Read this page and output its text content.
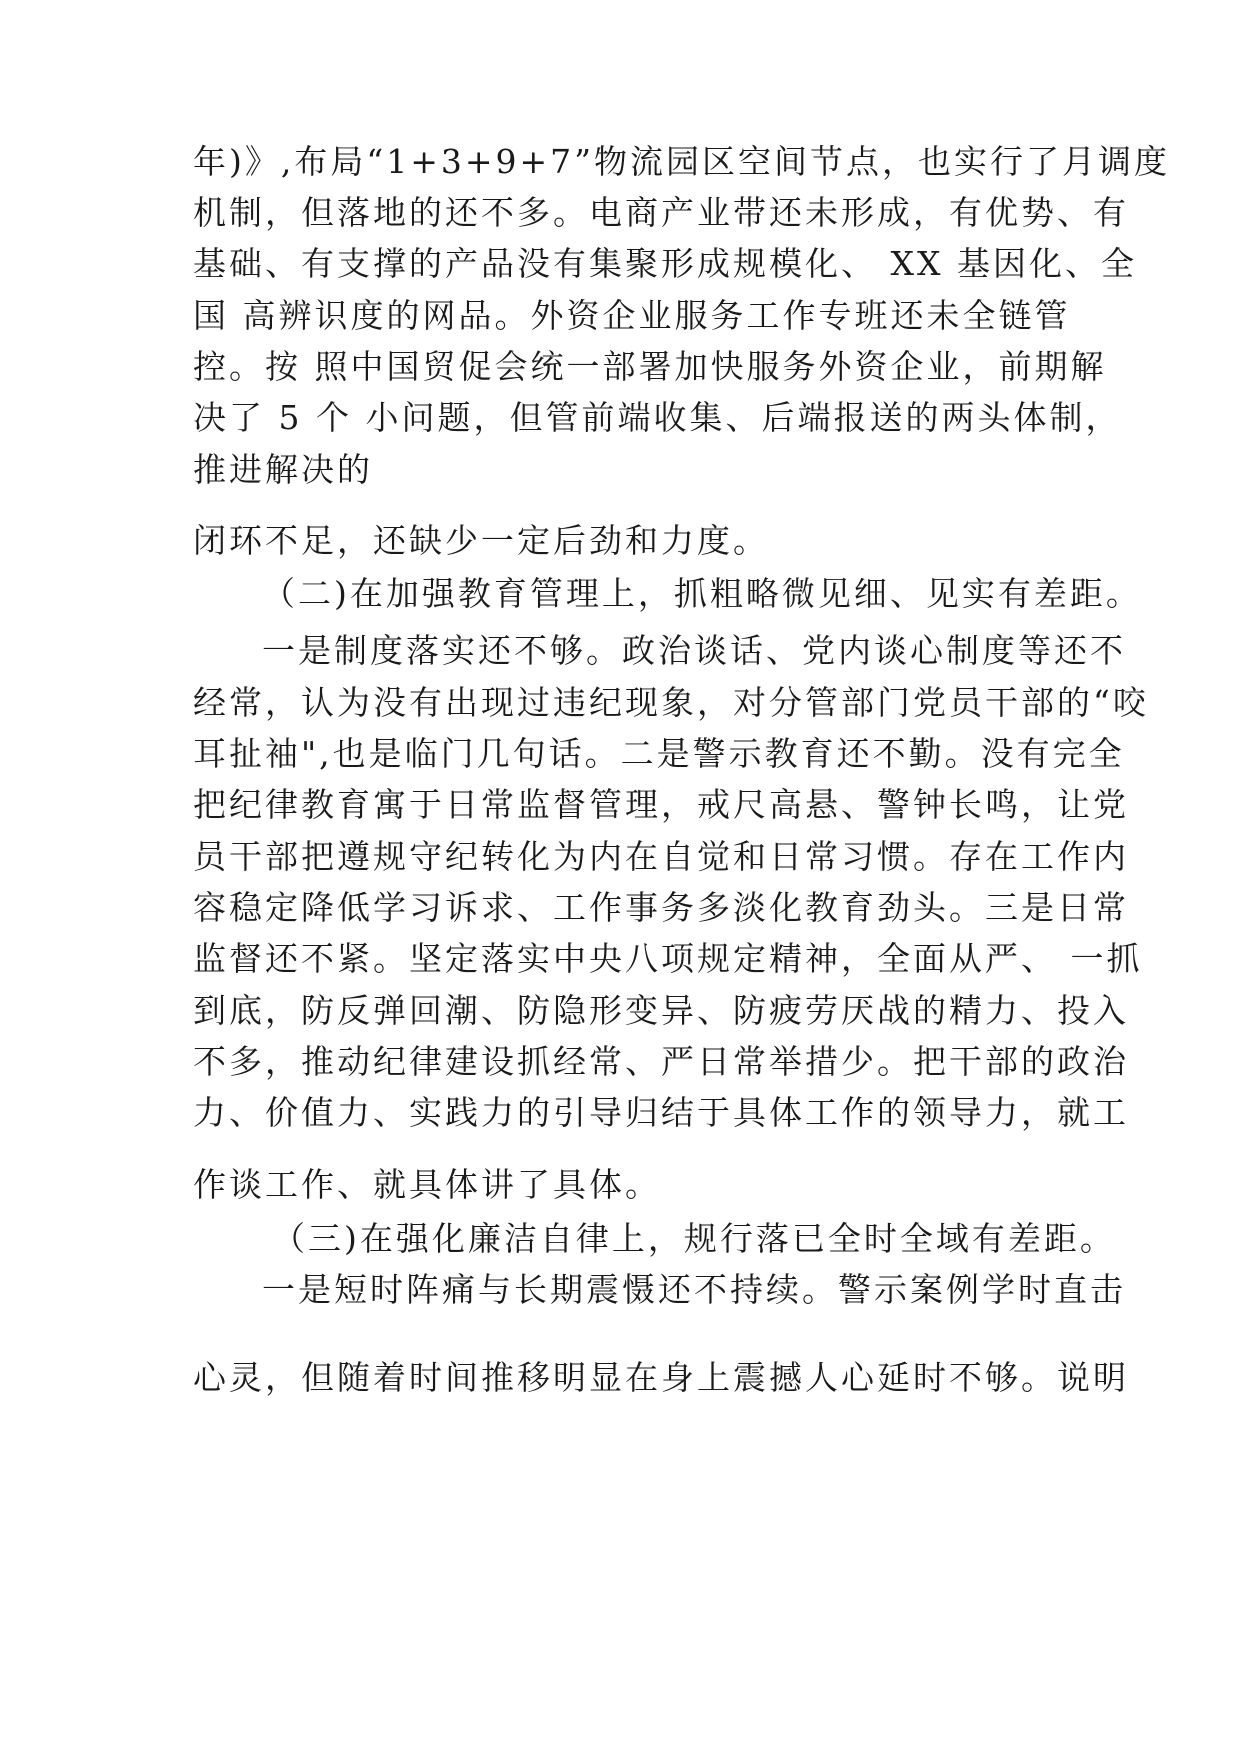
年)》,布局“1+3+9+7”物流园区空间节点，也实行了月调度
机制，但落地的还不多。电商产业带还未形成，有优势、有
基础、有支撑的产品没有集聚形成规模化、 XX 基因化、全
国 高辨识度的网品。外资企业服务工作专班还未全链管
控。按 照中国贸促会统一部署加快服务外资企业，前期解
决了 5 个 小问题，但管前端收集、后端报送的两头体制，
推进解决的
闭环不足，还缺少一定后劲和力度。
（二)在加强教育管理上，抓粗略微见细、见实有差距。
一是制度落实还不够。政治谈话、党内谈心制度等还不
经常，认为没有出现过违纪现象，对分管部门党员干部的“咬
耳扯袖",也是临门几句话。二是警示教育还不勤。没有完全
把纪律教育寓于日常监督管理，戒尺高悬、警钟长鸣，让党
员干部把遵规守纪转化为内在自觉和日常习惯。存在工作内
容稳定降低学习诉求、工作事务多淡化教育劲头。三是日常
监督还不紧。坚定落实中央八项规定精神，全面从严、 一抓
到底，防反弹回潮、防隐形变异、防疲劳厌战的精力、投入
不多，推动纪律建设抓经常、严日常举措少。把干部的政治
力、价值力、实践力的引导归结于具体工作的领导力，就工
作谈工作、就具体讲了具体。
（三)在强化廉洁自律上，规行落已全时全域有差距。
一是短时阵痛与长期震慑还不持续。警示案例学时直击
心灵，但随着时间推移明显在身上震撼人心延时不够。说明
